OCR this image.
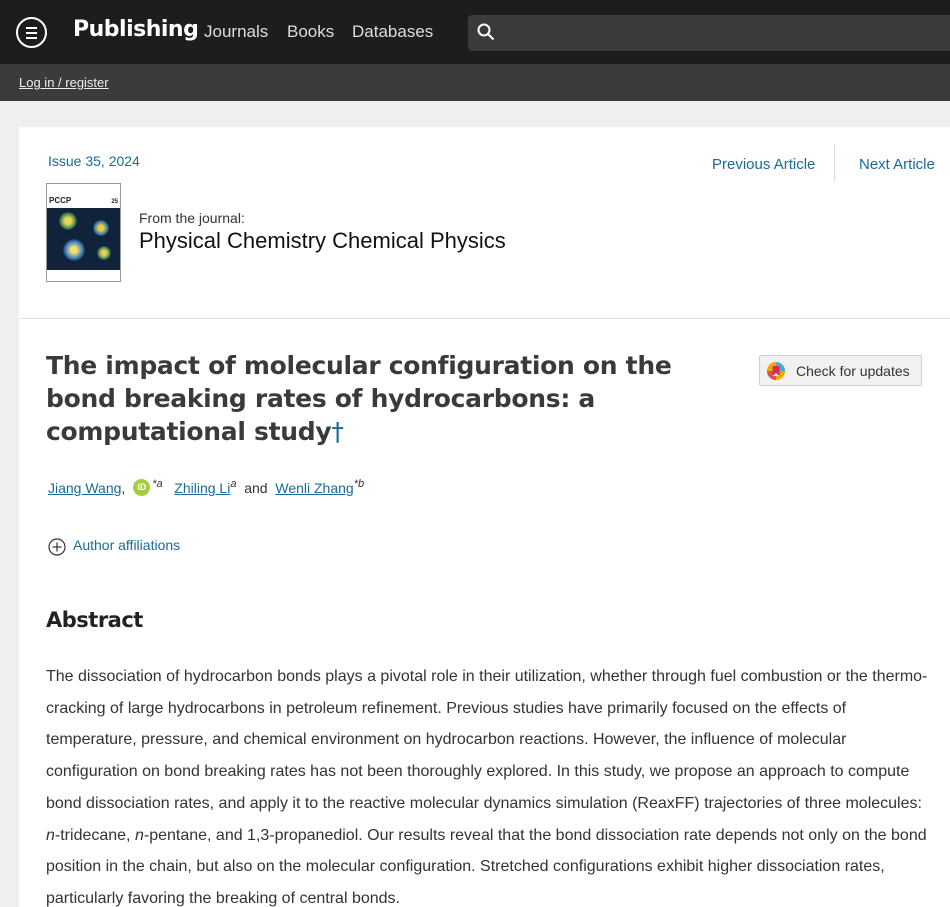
Publishing Journals Books Databases
Log in / register
Issue 35, 2024	Previous Article	Next Article
PCCP	25
From the journal:
Physical Chemistry Chemical Physics
The impact of molecular configuration on the bond breaking rates of hydrocarbons: a computational study†
Check for updates
Jiang Wang, iD $^{*a}$ Zhiling Li$^a$ and Wenli Zhang$^{*b}$
Author affiliations
Abstract

The dissociation of hydrocarbon bonds plays a pivotal role in their utilization, whether through fuel combustion or the thermo-cracking of large hydrocarbons in petroleum refinement. Previous studies have primarily focused on the effects of temperature, pressure, and chemical environment on hydrocarbon reactions. However, the influence of molecular configuration on bond breaking rates has not been thoroughly explored. In this study, we propose an approach to compute bond dissociation rates, and apply it to the reactive molecular dynamics simulation (ReaxFF) trajectories of three molecules: n-tridecane, n-pentane, and 1,3-propanediol. Our results reveal that the bond dissociation rate depends not only on the bond position in the chain, but also on the molecular configuration. Stretched configurations exhibit higher dissociation rates, particularly favoring the breaking of central bonds.
